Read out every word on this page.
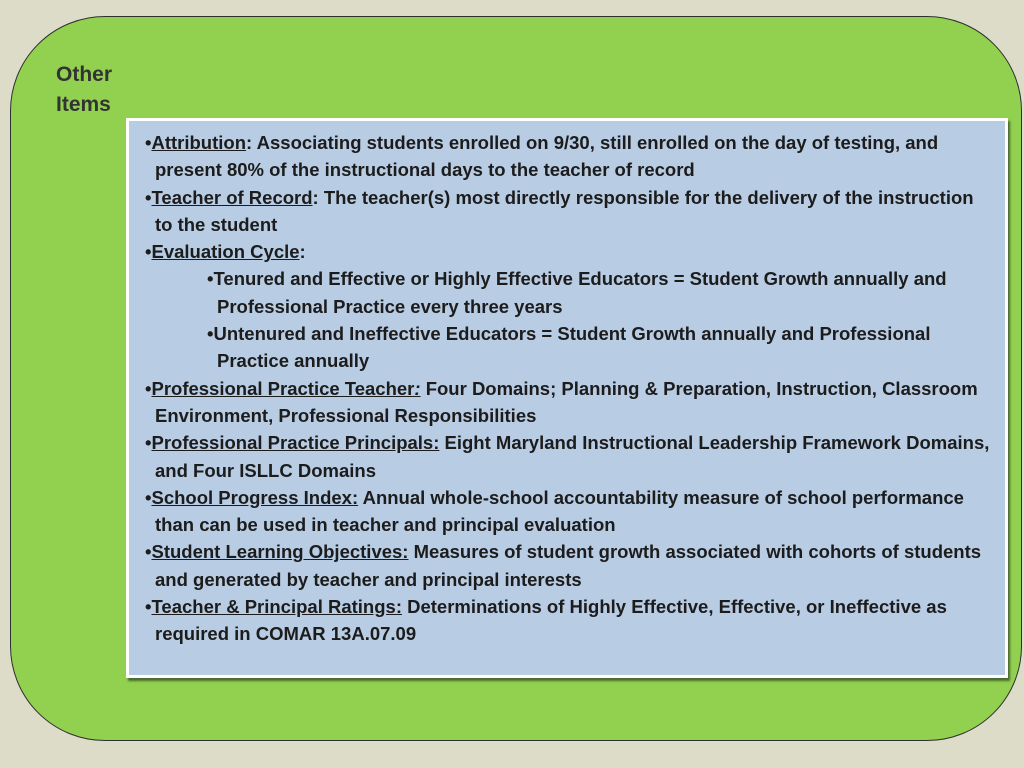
Other
Items
•Attribution: Associating students enrolled on 9/30, still enrolled on the day of testing, and present 80% of the instructional days to the teacher of record
•Teacher of Record: The teacher(s) most directly responsible for the delivery of the instruction to the student
•Evaluation Cycle:
•Tenured and Effective or Highly Effective Educators = Student Growth annually and Professional Practice every three years
•Untenured and Ineffective Educators = Student Growth annually and Professional Practice annually
•Professional Practice Teacher: Four Domains; Planning & Preparation, Instruction, Classroom Environment, Professional Responsibilities
•Professional Practice Principals: Eight Maryland Instructional Leadership Framework Domains, and Four ISLLC Domains
•School Progress Index: Annual whole-school accountability measure of school performance than can be used in teacher and principal evaluation
•Student Learning Objectives: Measures of student growth associated with cohorts of students and generated by teacher and principal interests
•Teacher & Principal Ratings: Determinations of Highly Effective, Effective, or Ineffective as required in COMAR 13A.07.09
